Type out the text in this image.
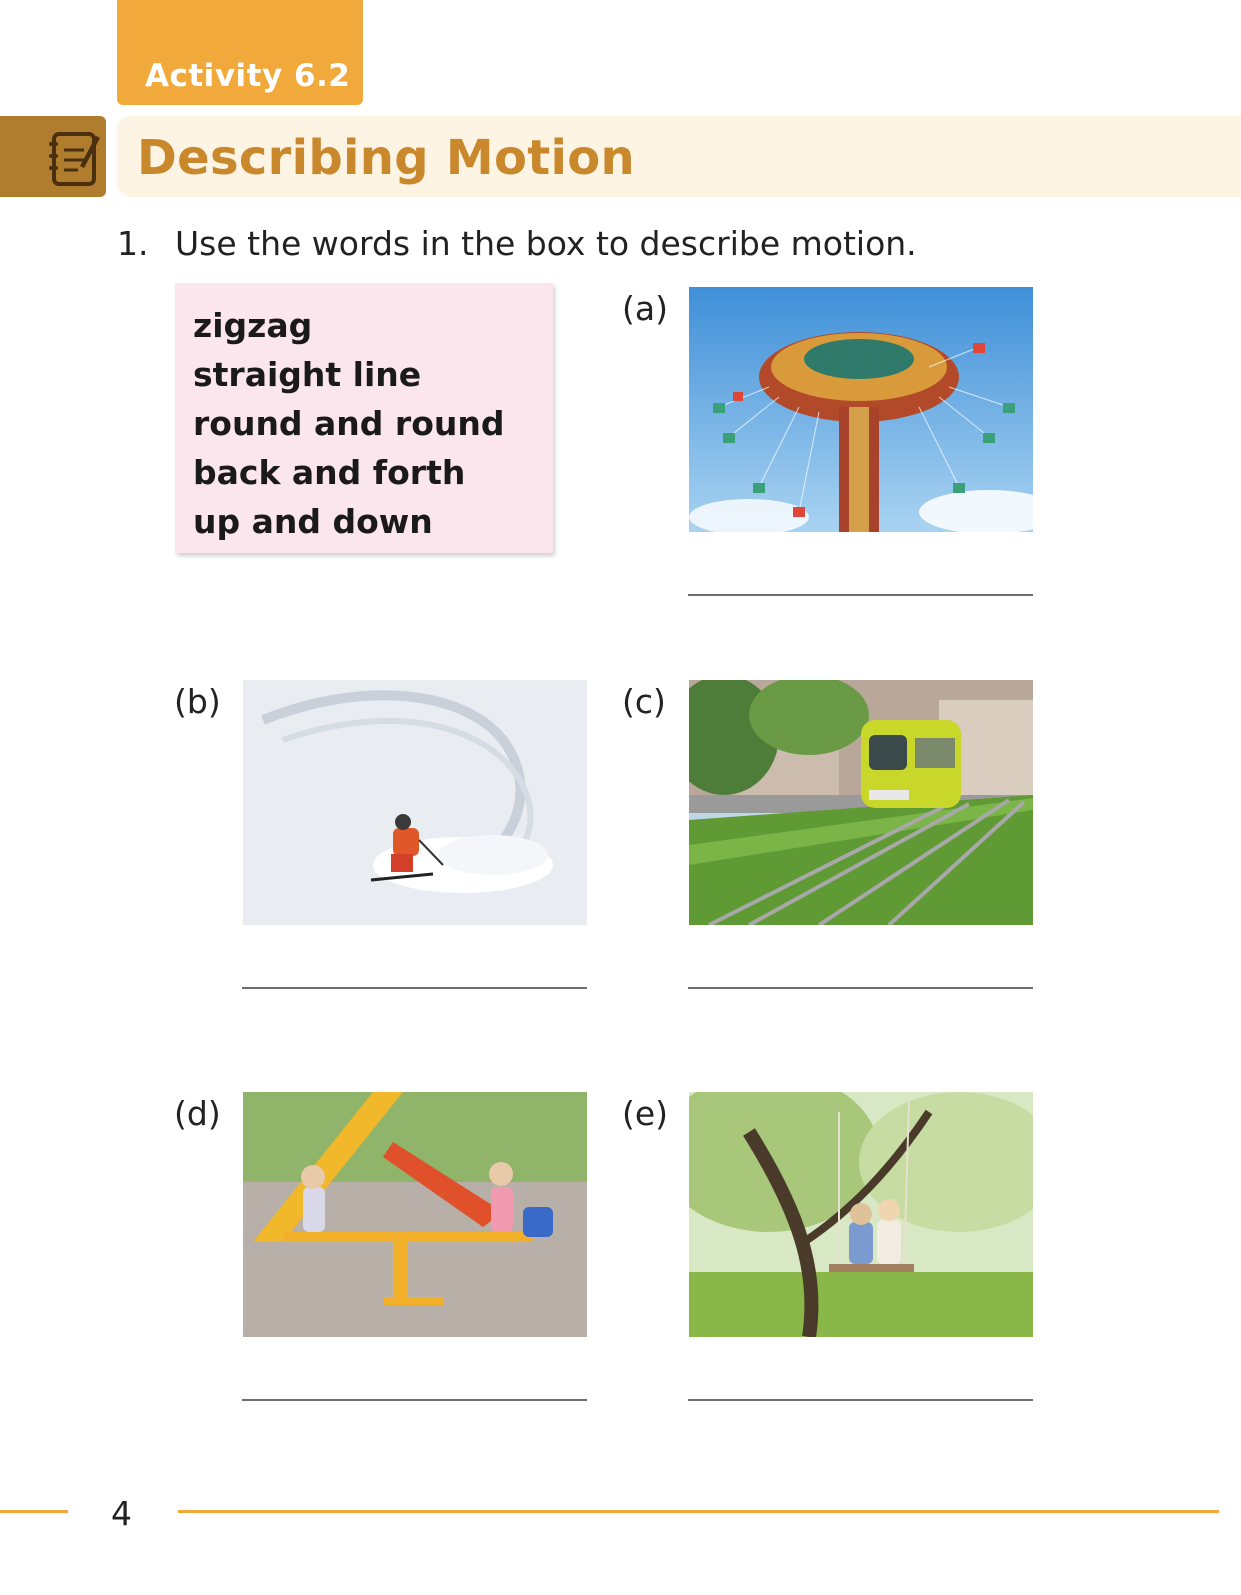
Activity 6.2
Describing Motion
1. Use the words in the box to describe motion.
zigzag
straight line
round and round
back and forth
up and down
(a)
(b)	(c)
(d)	(e)
4
